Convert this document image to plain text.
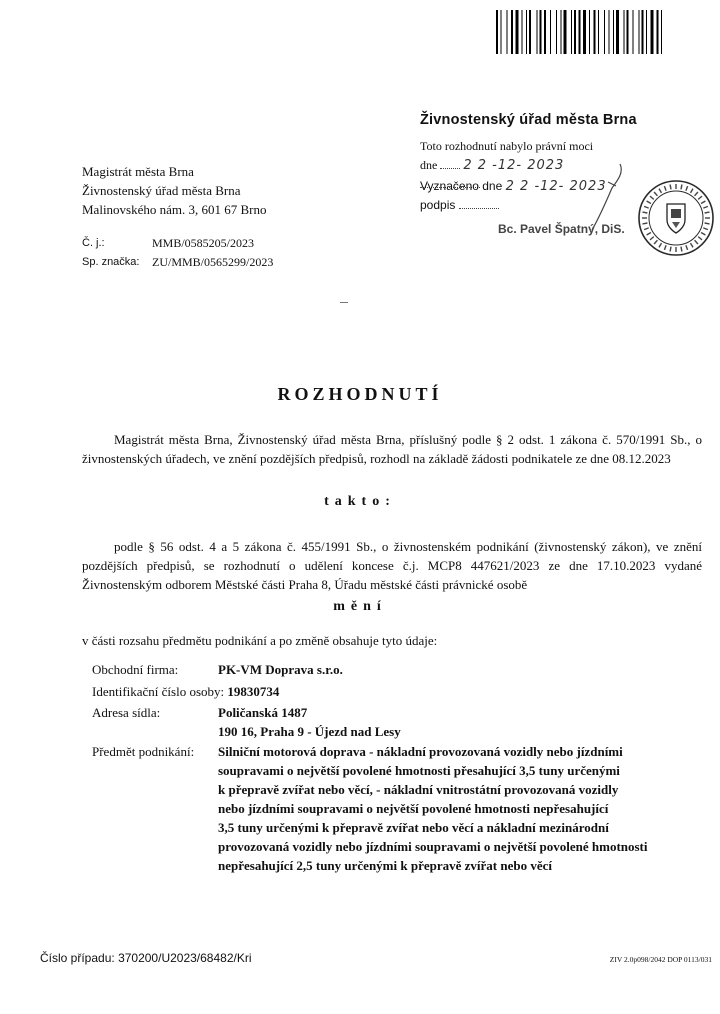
Živnostenský úřad města Brna
Toto rozhodnutí nabylo právní moci
dne 2 2 -12- 2023
Vyznačeno dne 2 2 -12- 2023 podpis
Bc. Pavel Špatný, DiS.
Magistrát města Brna
Živnostenský úřad města Brna
Malinovského nám. 3, 601 67 Brno
Č. j.:	MMB/0585205/2023
Sp. značka: ZU/MMB/0565299/2023
ROZHODNUTÍ
Magistrát města Brna, Živnostenský úřad města Brna, příslušný podle § 2 odst. 1 zákona č. 570/1991 Sb., o živnostenských úřadech, ve znění pozdějších předpisů, rozhodl na základě žádosti podnikatele ze dne 08.12.2023
takto:
podle § 56 odst. 4 a 5 zákona č. 455/1991 Sb., o živnostenském podnikání (živnostenský zákon), ve znění pozdějších předpisů, se rozhodnutí o udělení koncese č.j. MCP8 447621/2023 ze dne 17.10.2023 vydané Živnostenským odborem Městské části Praha 8, Úřadu městské části právnické osobě
mění
v části rozsahu předmětu podnikání a po změně obsahuje tyto údaje:
Obchodní firma:	PK-VM Doprava s.r.o.
Identifikační číslo osoby: 19830734
Adresa sídla:	Poličanská 1487
190 16, Praha 9 - Újezd nad Lesy
Předmět podnikání: Silniční motorová doprava - nákladní provozovaná vozidly nebo jízdními
soupravami o největší povolené hmotnosti přesahující 3,5 tuny určenými
k přepravě zvířat nebo věcí, - nákladní vnitrostátní provozovaná vozidly
nebo jízdními soupravami o největší povolené hmotnosti nepřesahující
3,5 tuny určenými k přepravě zvířat nebo věcí a nákladní mezinárodní
provozovaná vozidly nebo jízdními soupravami o největší povolené hmotnosti
nepřesahující 2,5 tuny určenými k přepravě zvířat nebo věcí
Číslo případu: 370200/U2023/68482/Kri	ZIV 2.0p098/2042 DOP 0113/031
